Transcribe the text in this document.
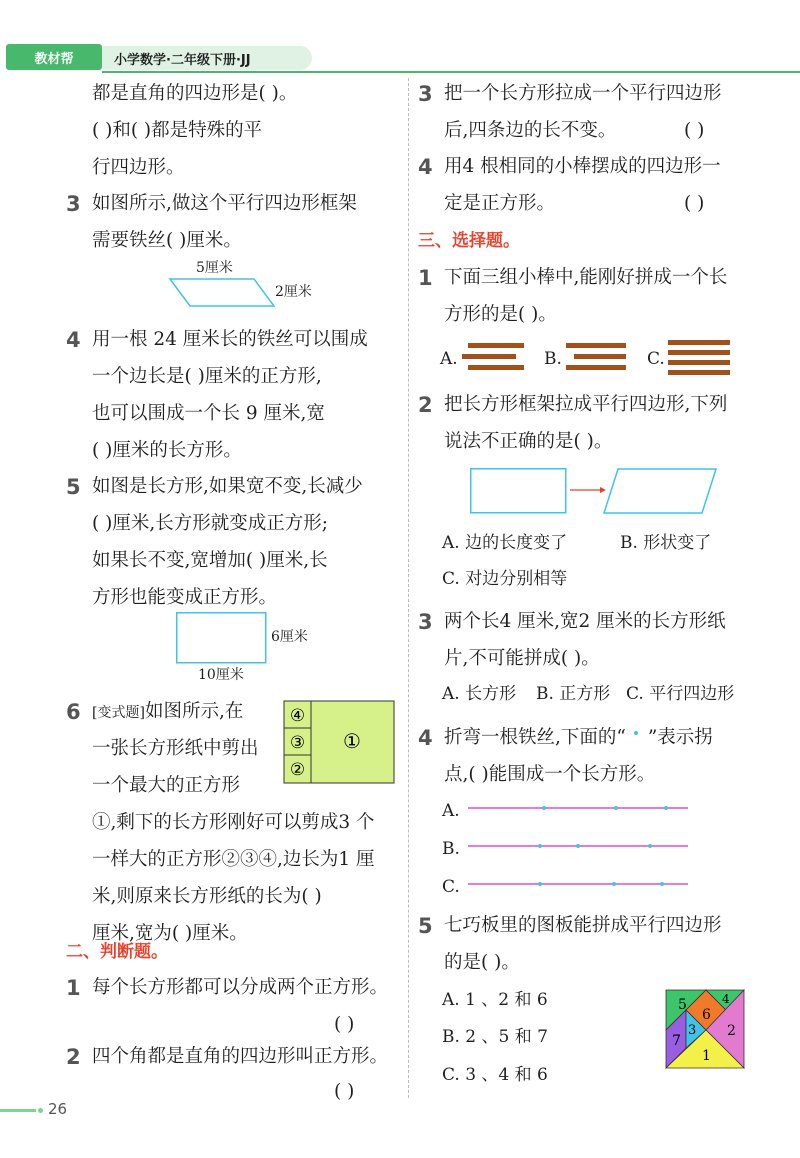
教材帮	小学数学·二年级下册·JJ
都是直角的四边形是( )。
( )和( )都是特殊的平
行四边形。
3 如图所示,做这个平行四边形框架
需要铁丝( )厘米。
5厘米
2厘米
4 用一根 24 厘米长的铁丝可以围成
一个边长是( )厘米的正方形,
也可以围成一个长 9 厘米,宽
( )厘米的长方形。
5 如图是长方形,如果宽不变,长减少
( )厘米,长方形就变成正方形;
如果长不变,宽增加( )厘米,长
方形也能变成正方形。
6厘米
10厘米
6 [变式题]如图所示,在
一张长方形纸中剪出
一个最大的正方形
①,剩下的长方形刚好可以剪成3 个
一样大的正方形②③④,边长为1 厘
米,则原来长方形纸的长为( )
厘米,宽为( )厘米。
④
③
②
①
二、判断题。
1 每个长方形都可以分成两个正方形。
( )
2 四个角都是直角的四边形叫正方形。
( )
3 把一个长方形拉成一个平行四边形
后,四条边的长不变。	( )
4 用4 根相同的小棒摆成的四边形一
定是正方形。	( )
三、选择题。
1 下面三组小棒中,能刚好拼成一个长
方形的是( )。
A.	B.	C.
2 把长方形框架拉成平行四边形,下列
说法不正确的是( )。
A. 边的长度变了	B. 形状变了
C. 对边分别相等
3 两个长4 厘米,宽2 厘米的长方形纸
片,不可能拼成( )。
A. 长方形 B. 正方形 C. 平行四边形
4 折弯一根铁丝,下面的“ ”表示拐
点,( )能围成一个长方形。
A.
B.
C.
5 七巧板里的图板能拼成平行四边形
的是( )。
A. 1 、2 和 6
B. 2 、5 和 7
C. 3 、4 和 6
5
6
4
7
3 2
1
26
